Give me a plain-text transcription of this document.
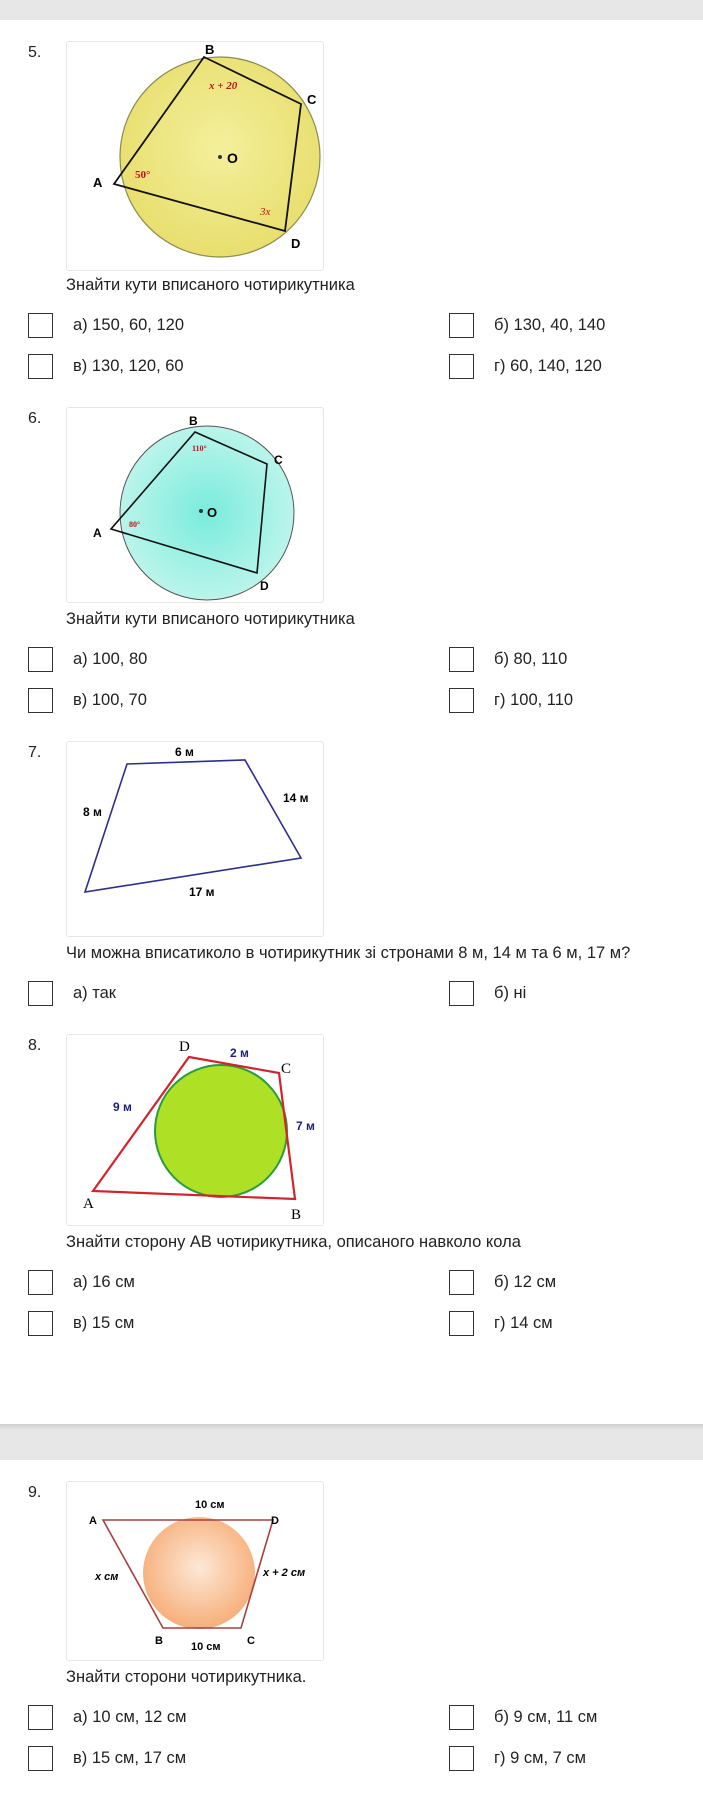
5.
O
B
C
A
D
x + 20
50°
3x
Знайти кути вписаного чотирикутника
а) 150, 60, 120	б) 130, 40, 140
в) 130, 120, 60	г) 60, 140, 120
6.
O
B
C
A
D
110°
80°
Знайти кути вписаного чотирикутника
а) 100, 80	б) 80, 110
в) 100, 70	г) 100, 110
7.	6 м
8 м
14 м
17 м
Чи можна вписатиколо в чотирикутник зі стронами 8 м, 14 м та 6 м, 17 м?
а) так	б) ні
8.	D
C
A
B
2 м
9 м
7 м
Знайти сторону АВ чотирикутника, описаного навколо кола
а) 16 см	б) 12 см
в) 15 см	г) 14 см
9.
A	D
B	C
10 см
10 см
x см	x + 2 см
Знайти сторони чотирикутника.
а) 10 см, 12 см	б) 9 см, 11 см
в) 15 см, 17 см	г) 9 см, 7 см
